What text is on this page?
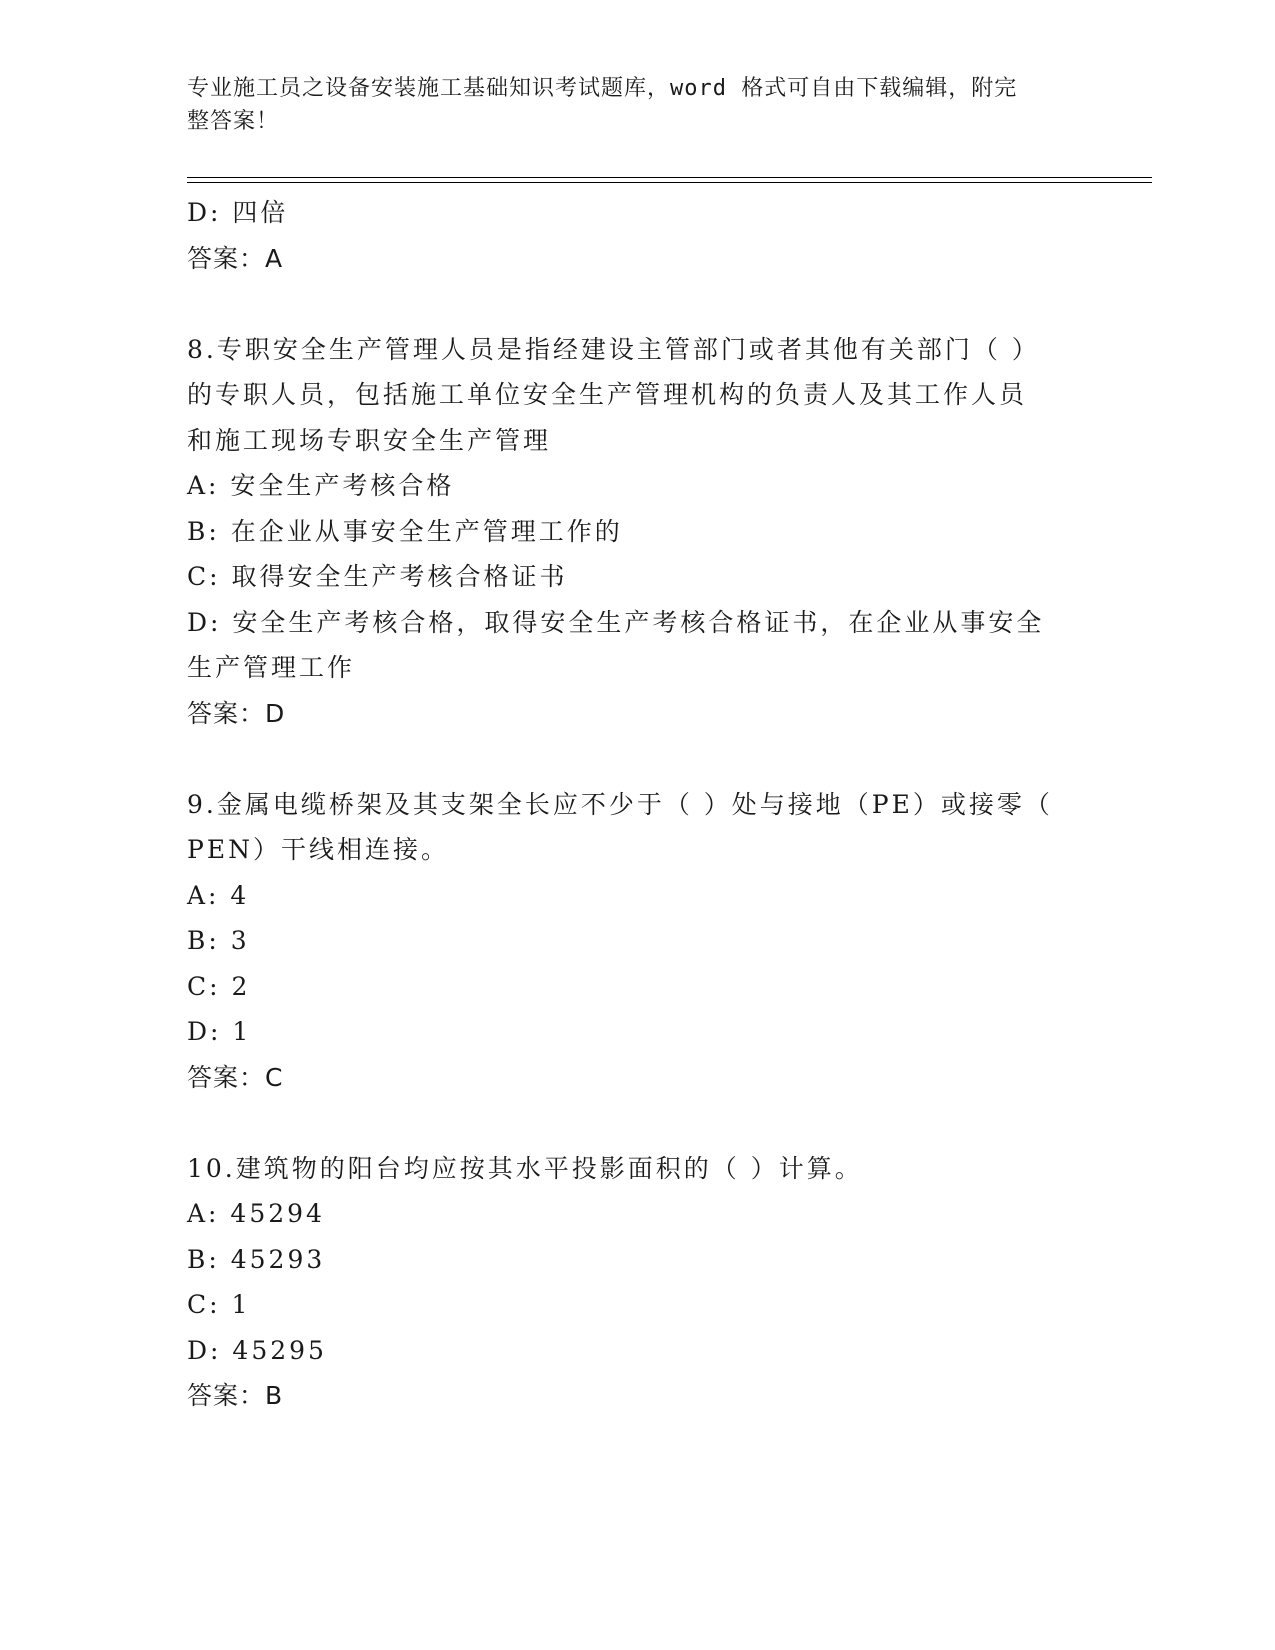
专业施工员之设备安装施工基础知识考试题库，word 格式可自由下载编辑，附完
整答案！
D: 四倍
答案：A
8.专职安全生产管理人员是指经建设主管部门或者其他有关部门（ ）
的专职人员，包括施工单位安全生产管理机构的负责人及其工作人员
和施工现场专职安全生产管理
A: 安全生产考核合格
B: 在企业从事安全生产管理工作的
C: 取得安全生产考核合格证书
D: 安全生产考核合格，取得安全生产考核合格证书，在企业从事安全
生产管理工作
答案：D
9.金属电缆桥架及其支架全长应不少于（ ）处与接地（PE）或接零（
PEN）干线相连接。
A: 4
B: 3
C: 2
D: 1
答案：C
10.建筑物的阳台均应按其水平投影面积的（ ）计算。
A: 45294
B: 45293
C: 1
D: 45295
答案：B
